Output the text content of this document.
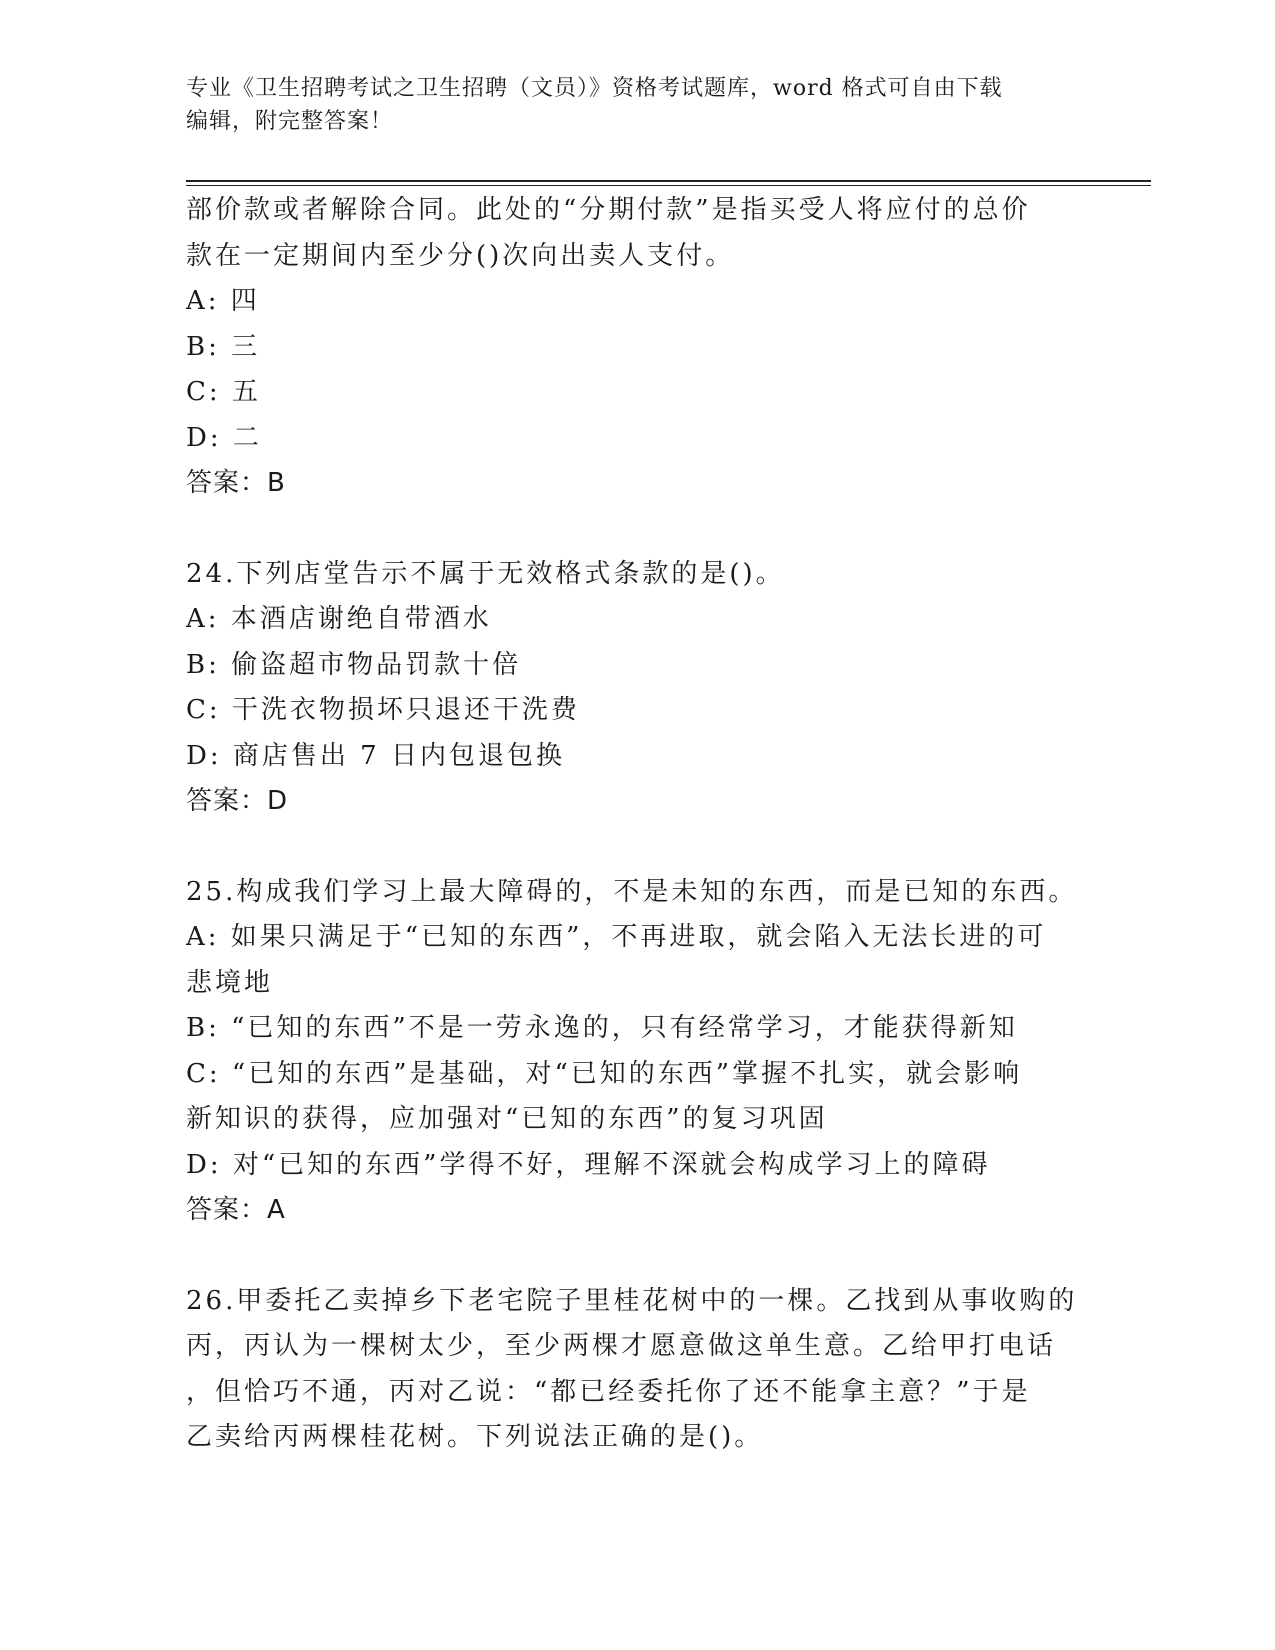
专业《卫生招聘考试之卫生招聘（文员）》资格考试题库，word 格式可自由下载
编辑，附完整答案！
部价款或者解除合同。此处的“分期付款”是指买受人将应付的总价
款在一定期间内至少分()次向出卖人支付。
A: 四
B: 三
C: 五
D: 二
答案：B
24.下列店堂告示不属于无效格式条款的是()。
A: 本酒店谢绝自带酒水
B: 偷盗超市物品罚款十倍
C: 干洗衣物损坏只退还干洗费
D: 商店售出 7 日内包退包换
答案：D
25.构成我们学习上最大障碍的，不是未知的东西，而是已知的东西。
A: 如果只满足于“已知的东西”，不再进取，就会陷入无法长进的可
悲境地
B: “已知的东西”不是一劳永逸的，只有经常学习，才能获得新知
C: “已知的东西”是基础，对“已知的东西”掌握不扎实，就会影响
新知识的获得，应加强对“已知的东西”的复习巩固
D: 对“已知的东西”学得不好，理解不深就会构成学习上的障碍
答案：A
26.甲委托乙卖掉乡下老宅院子里桂花树中的一棵。乙找到从事收购的
丙，丙认为一棵树太少，至少两棵才愿意做这单生意。乙给甲打电话
，但恰巧不通，丙对乙说：“都已经委托你了还不能拿主意？”于是
乙卖给丙两棵桂花树。下列说法正确的是()。
